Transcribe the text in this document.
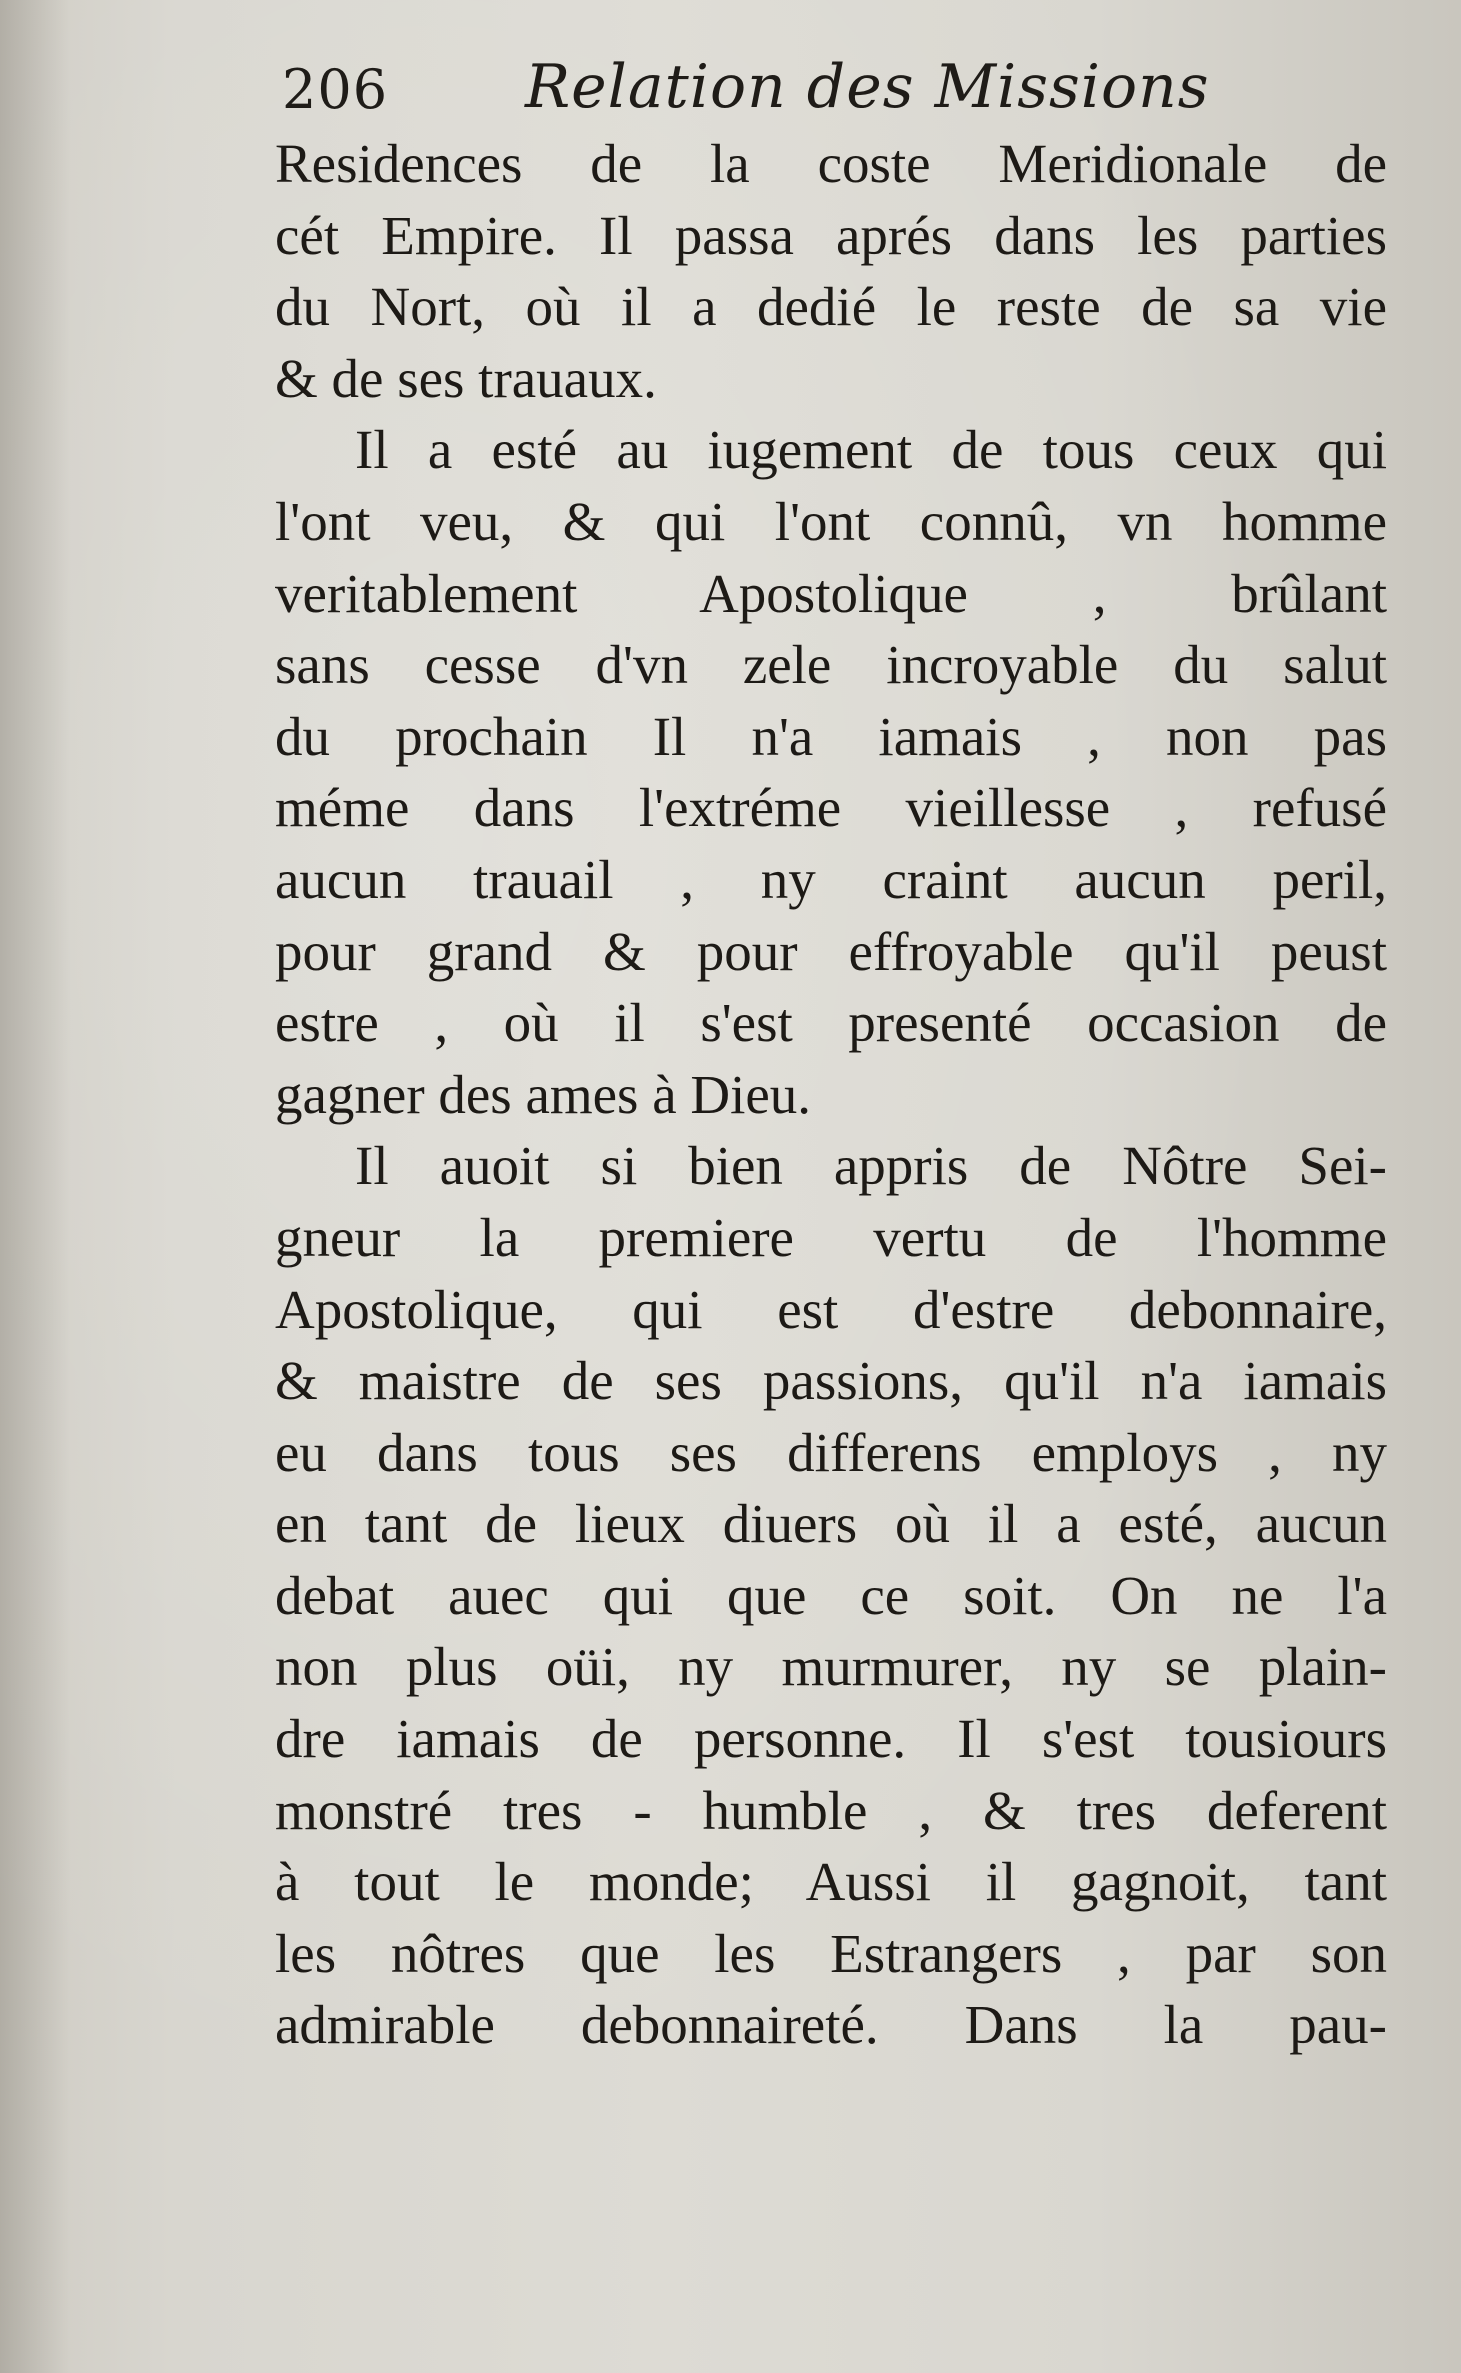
206 Relation des Missions
Residences de la coste Meridionale de
cét Empire. Il passa aprés dans les parties
du Nort, où il a dedié le reste de sa vie
& de ses trauaux.
Il a esté au iugement de tous ceux qui
l'ont veu, & qui l'ont connû, vn homme
veritablement Apostolique , brûlant
sans cesse d'vn zele incroyable du salut
du prochain Il n'a iamais , non pas
méme dans l'extréme vieillesse , refusé
aucun trauail , ny craint aucun peril,
pour grand & pour effroyable qu'il peust
estre , où il s'est presenté occasion de
gagner des ames à Dieu.
Il auoit si bien appris de Nôtre Sei-
gneur la premiere vertu de l'homme
Apostolique, qui est d'estre debonnaire,
& maistre de ses passions, qu'il n'a iamais
eu dans tous ses differens employs , ny
en tant de lieux diuers où il a esté, aucun
debat auec qui que ce soit. On ne l'a
non plus oüi, ny murmurer, ny se plain-
dre iamais de personne. Il s'est tousiours
monstré tres - humble , & tres deferent
à tout le monde; Aussi il gagnoit, tant
les nôtres que les Estrangers , par son
admirable debonnaireté. Dans la pau-
